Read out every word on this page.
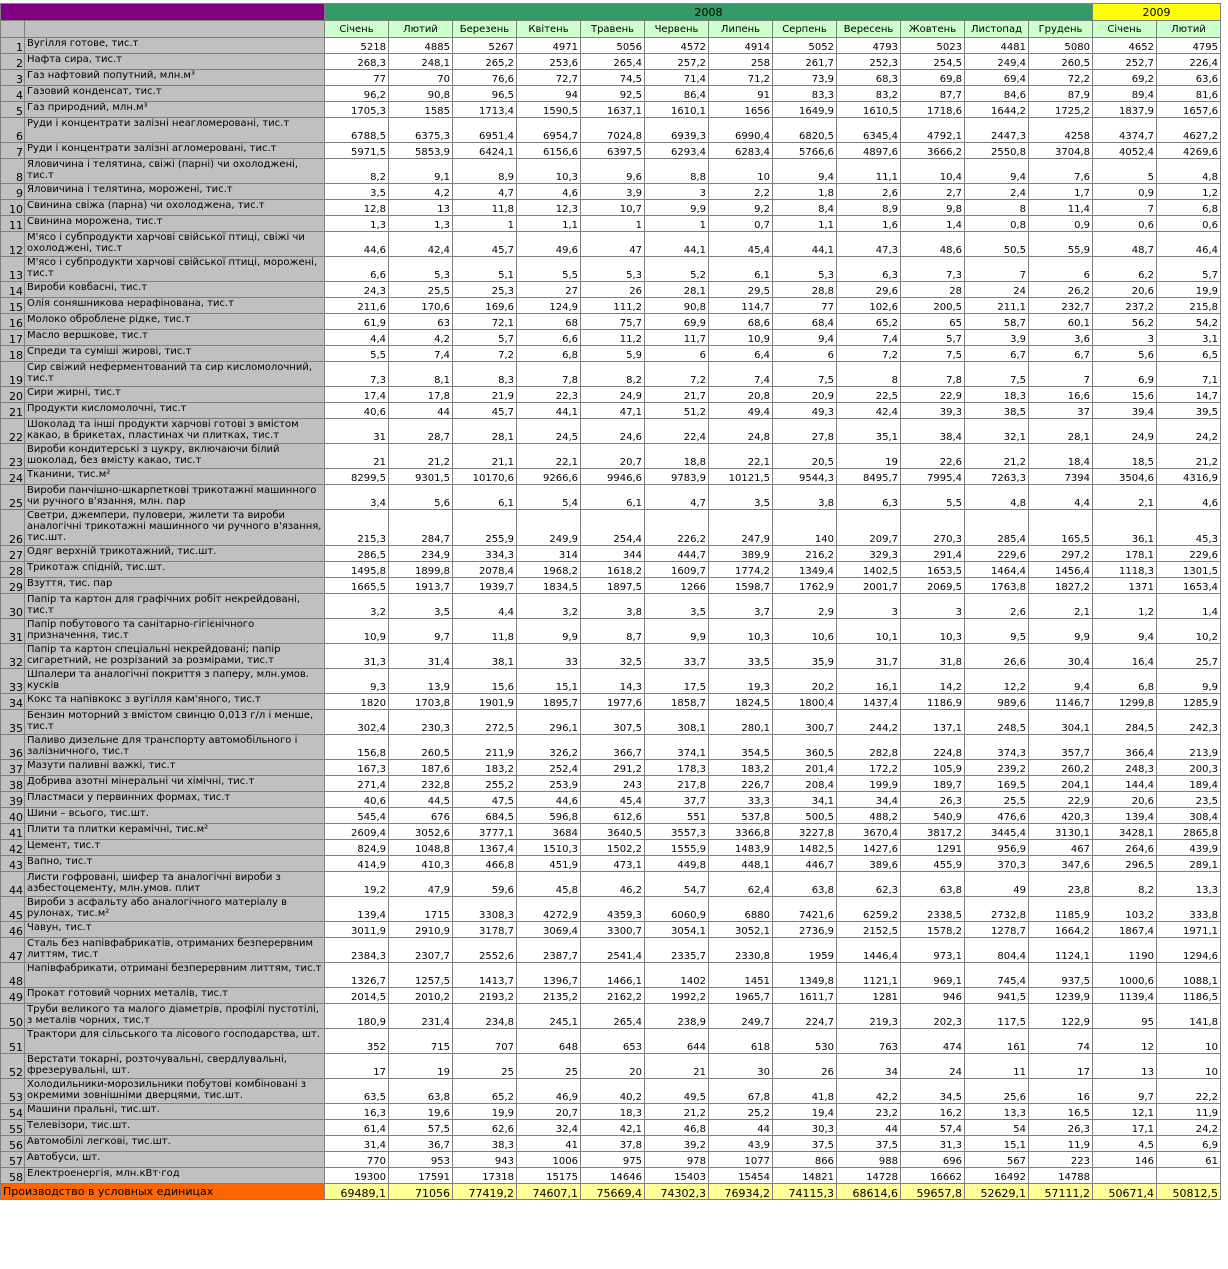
		2008												2009	
		Січень	Лютий	Березень	Квітень	Травень	Червень	Липень	Серпень	Вересень	Жовтень	Листопад	Грудень	Січень	Лютий
1	Вугілля готове, тис.т	5218	4885	5267	4971	5056	4572	4914	5052	4793	5023	4481	5080	4652	4795
2	Нафта сира, тис.т	268,3	248,1	265,2	253,6	265,4	257,2	258	261,7	252,3	254,5	249,4	260,5	252,7	226,4
3	Газ нафтовий попутний, млн.м³	77	70	76,6	72,7	74,5	71,4	71,2	73,9	68,3	69,8	69,4	72,2	69,2	63,6
4	Газовий конденсат, тис.т	96,2	90,8	96,5	94	92,5	86,4	91	83,3	83,2	87,7	84,6	87,9	89,4	81,6
5	Газ природний, млн.м³	1705,3	1585	1713,4	1590,5	1637,1	1610,1	1656	1649,9	1610,5	1718,6	1644,2	1725,2	1837,9	1657,6
6	Руди і концентрати залізні неагломеровані, тис.т	6788,5	6375,3	6951,4	6954,7	7024,8	6939,3	6990,4	6820,5	6345,4	4792,1	2447,3	4258	4374,7	4627,2
7	Руди і концентрати залізні агломеровані, тис.т	5971,5	5853,9	6424,1	6156,6	6397,5	6293,4	6283,4	5766,6	4897,6	3666,2	2550,8	3704,8	4052,4	4269,6
8	Яловичина і телятина, свіжі (парні) чи охолоджені, тис.т	8,2	9,1	8,9	10,3	9,6	8,8	10	9,4	11,1	10,4	9,4	7,6	5	4,8
9	Яловичина і телятина, морожені, тис.т	3,5	4,2	4,7	4,6	3,9	3	2,2	1,8	2,6	2,7	2,4	1,7	0,9	1,2
10	Свинина свіжа (парна) чи охолоджена, тис.т	12,8	13	11,8	12,3	10,7	9,9	9,2	8,4	8,9	9,8	8	11,4	7	6,8
11	Свинина морожена, тис.т	1,3	1,3	1	1,1	1	1	0,7	1,1	1,6	1,4	0,8	0,9	0,6	0,6
12	М'ясо і субпродукти харчові свійської птиці, свіжі чи охолоджені, тис.т	44,6	42,4	45,7	49,6	47	44,1	45,4	44,1	47,3	48,6	50,5	55,9	48,7	46,4
13	М'ясо і субпродукти харчові свійської птиці, морожені, тис.т	6,6	5,3	5,1	5,5	5,3	5,2	6,1	5,3	6,3	7,3	7	6	6,2	5,7
14	Вироби ковбасні, тис.т	24,3	25,5	25,3	27	26	28,1	29,5	28,8	29,6	28	24	26,2	20,6	19,9
15	Олія соняшникова нерафінована, тис.т	211,6	170,6	169,6	124,9	111,2	90,8	114,7	77	102,6	200,5	211,1	232,7	237,2	215,8
16	Молоко оброблене рідке, тис.т	61,9	63	72,1	68	75,7	69,9	68,6	68,4	65,2	65	58,7	60,1	56,2	54,2
17	Масло вершкове, тис.т	4,4	4,2	5,7	6,6	11,2	11,7	10,9	9,4	7,4	5,7	3,9	3,6	3	3,1
18	Спреди та суміші жирові, тис.т	5,5	7,4	7,2	6,8	5,9	6	6,4	6	7,2	7,5	6,7	6,7	5,6	6,5
19	Сир свіжий неферментований та сир кисломолочний, тис.т	7,3	8,1	8,3	7,8	8,2	7,2	7,4	7,5	8	7,8	7,5	7	6,9	7,1
20	Сири жирні, тис.т	17,4	17,8	21,9	22,3	24,9	21,7	20,8	20,9	22,5	22,9	18,3	16,6	15,6	14,7
21	Продукти кисломолочні, тис.т	40,6	44	45,7	44,1	47,1	51,2	49,4	49,3	42,4	39,3	38,5	37	39,4	39,5
22	Шоколад та інші продукти харчові готові з вмістом какао, в брикетах, пластинах чи плитках, тис.т	31	28,7	28,1	24,5	24,6	22,4	24,8	27,8	35,1	38,4	32,1	28,1	24,9	24,2
23	Вироби кондитерські з цукру, включаючи білий шоколад, без вмісту какао, тис.т	21	21,2	21,1	22,1	20,7	18,8	22,1	20,5	19	22,6	21,2	18,4	18,5	21,2
24	Тканини, тис.м²	8299,5	9301,5	10170,6	9266,6	9946,6	9783,9	10121,5	9544,3	8495,7	7995,4	7263,3	7394	3504,6	4316,9
25	Вироби панчішно-шкарпеткові трикотажні машинного чи ручного в'язання, млн. пар	3,4	5,6	6,1	5,4	6,1	4,7	3,5	3,8	6,3	5,5	4,8	4,4	2,1	4,6
26	Светри, джемпери, пуловери, жилети та вироби аналогічні трикотажні машинного чи ручного в'язання, тис.шт.	215,3	284,7	255,9	249,9	254,4	226,2	247,9	140	209,7	270,3	285,4	165,5	36,1	45,3
27	Одяг верхній трикотажний, тис.шт.	286,5	234,9	334,3	314	344	444,7	389,9	216,2	329,3	291,4	229,6	297,2	178,1	229,6
28	Трикотаж спідній, тис.шт.	1495,8	1899,8	2078,4	1968,2	1618,2	1609,7	1774,2	1349,4	1402,5	1653,5	1464,4	1456,4	1118,3	1301,5
29	Взуття, тис. пар	1665,5	1913,7	1939,7	1834,5	1897,5	1266	1598,7	1762,9	2001,7	2069,5	1763,8	1827,2	1371	1653,4
30	Папір та картон для графічних робіт некрейдовані, тис.т	3,2	3,5	4,4	3,2	3,8	3,5	3,7	2,9	3	3	2,6	2,1	1,2	1,4
31	Папір побутового та санітарно-гігієнічного призначення, тис.т	10,9	9,7	11,8	9,9	8,7	9,9	10,3	10,6	10,1	10,3	9,5	9,9	9,4	10,2
32	Папір та картон спеціальні некрейдовані; папір сигаретний, не розрізаний за розмірами, тис.т	31,3	31,4	38,1	33	32,5	33,7	33,5	35,9	31,7	31,8	26,6	30,4	16,4	25,7
33	Шпалери та аналогічні покриття з паперу, млн.умов. кусків	9,3	13,9	15,6	15,1	14,3	17,5	19,3	20,2	16,1	14,2	12,2	9,4	6,8	9,9
34	Кокс та напівкокс з вугілля кам'яного, тис.т	1820	1703,8	1901,9	1895,7	1977,6	1858,7	1824,5	1800,4	1437,4	1186,9	989,6	1146,7	1299,8	1285,9
35	Бензин моторний з вмістом свинцю 0,013 г/л і менше, тис.т	302,4	230,3	272,5	296,1	307,5	308,1	280,1	300,7	244,2	137,1	248,5	304,1	284,5	242,3
36	Паливо дизельне для транспорту автомобільного і залізничного, тис.т	156,8	260,5	211,9	326,2	366,7	374,1	354,5	360,5	282,8	224,8	374,3	357,7	366,4	213,9
37	Мазути паливні важкі, тис.т	167,3	187,6	183,2	252,4	291,2	178,3	183,2	201,4	172,2	105,9	239,2	260,2	248,3	200,3
38	Добрива азотні мінеральні чи хімічні, тис.т	271,4	232,8	255,2	253,9	243	217,8	226,7	208,4	199,9	189,7	169,5	204,1	144,4	189,4
39	Пластмаси у первинних формах, тис.т	40,6	44,5	47,5	44,6	45,4	37,7	33,3	34,1	34,4	26,3	25,5	22,9	20,6	23,5
40	Шини – всього, тис.шт.	545,4	676	684,5	596,8	612,6	551	537,8	500,5	488,2	540,9	476,6	420,3	139,4	308,4
41	Плити та плитки керамічні, тис.м²	2609,4	3052,6	3777,1	3684	3640,5	3557,3	3366,8	3227,8	3670,4	3817,2	3445,4	3130,1	3428,1	2865,8
42	Цемент, тис.т	824,9	1048,8	1367,4	1510,3	1502,2	1555,9	1483,9	1482,5	1427,6	1291	956,9	467	264,6	439,9
43	Вапно, тис.т	414,9	410,3	466,8	451,9	473,1	449,8	448,1	446,7	389,6	455,9	370,3	347,6	296,5	289,1
44	Листи гофровані, шифер та аналогічні вироби з азбестоцементу, млн.умов. плит	19,2	47,9	59,6	45,8	46,2	54,7	62,4	63,8	62,3	63,8	49	23,8	8,2	13,3
45	Вироби з асфальту або аналогічного матеріалу в рулонах, тис.м²	139,4	1715	3308,3	4272,9	4359,3	6060,9	6880	7421,6	6259,2	2338,5	2732,8	1185,9	103,2	333,8
46	Чавун, тис.т	3011,9	2910,9	3178,7	3069,4	3300,7	3054,1	3052,1	2736,9	2152,5	1578,2	1278,7	1664,2	1867,4	1971,1
47	Сталь без напівфабрикатів, отриманих безперервним литтям, тис.т	2384,3	2307,7	2552,6	2387,7	2541,4	2335,7	2330,8	1959	1446,4	973,1	804,4	1124,1	1190	1294,6
48	Напівфабрикати, отримані безперервним литтям, тис.т	1326,7	1257,5	1413,7	1396,7	1466,1	1402	1451	1349,8	1121,1	969,1	745,4	937,5	1000,6	1088,1
49	Прокат готовий чорних металів, тис.т	2014,5	2010,2	2193,2	2135,2	2162,2	1992,2	1965,7	1611,7	1281	946	941,5	1239,9	1139,4	1186,5
50	Труби великого та малого діаметрів, профілі пустотілі, з металів чорних, тис.т	180,9	231,4	234,8	245,1	265,4	238,9	249,7	224,7	219,3	202,3	117,5	122,9	95	141,8
51	Трактори для сільського та лісового господарства, шт.	352	715	707	648	653	644	618	530	763	474	161	74	12	10
52	Верстати токарні, розточувальні, свердлувальні, фрезерувальні, шт.	17	19	25	25	20	21	30	26	34	24	11	17	13	10
53	Холодильники-морозильники побутові комбіновані з окремими зовнішніми дверцями, тис.шт.	63,5	63,8	65,2	46,9	40,2	49,5	67,8	41,8	42,2	34,5	25,6	16	9,7	22,2
54	Машини пральні, тис.шт.	16,3	19,6	19,9	20,7	18,3	21,2	25,2	19,4	23,2	16,2	13,3	16,5	12,1	11,9
55	Телевізори, тис.шт.	61,4	57,5	62,6	32,4	42,1	46,8	44	30,3	44	57,4	54	26,3	17,1	24,2
56	Автомобілі легкові, тис.шт.	31,4	36,7	38,3	41	37,8	39,2	43,9	37,5	37,5	31,3	15,1	11,9	4,5	6,9
57	Автобуси, шт.	770	953	943	1006	975	978	1077	866	988	696	567	223	146	61
58	Електроенергія, млн.кВт·год	19300	17591	17318	15175	14646	15403	15454	14821	14728	16662	16492	14788		
Производство в условных единицах		69489,1	71056	77419,2	74607,1	75669,4	74302,3	76934,2	74115,3	68614,6	59657,8	52629,1	57111,2	50671,4	50812,5
